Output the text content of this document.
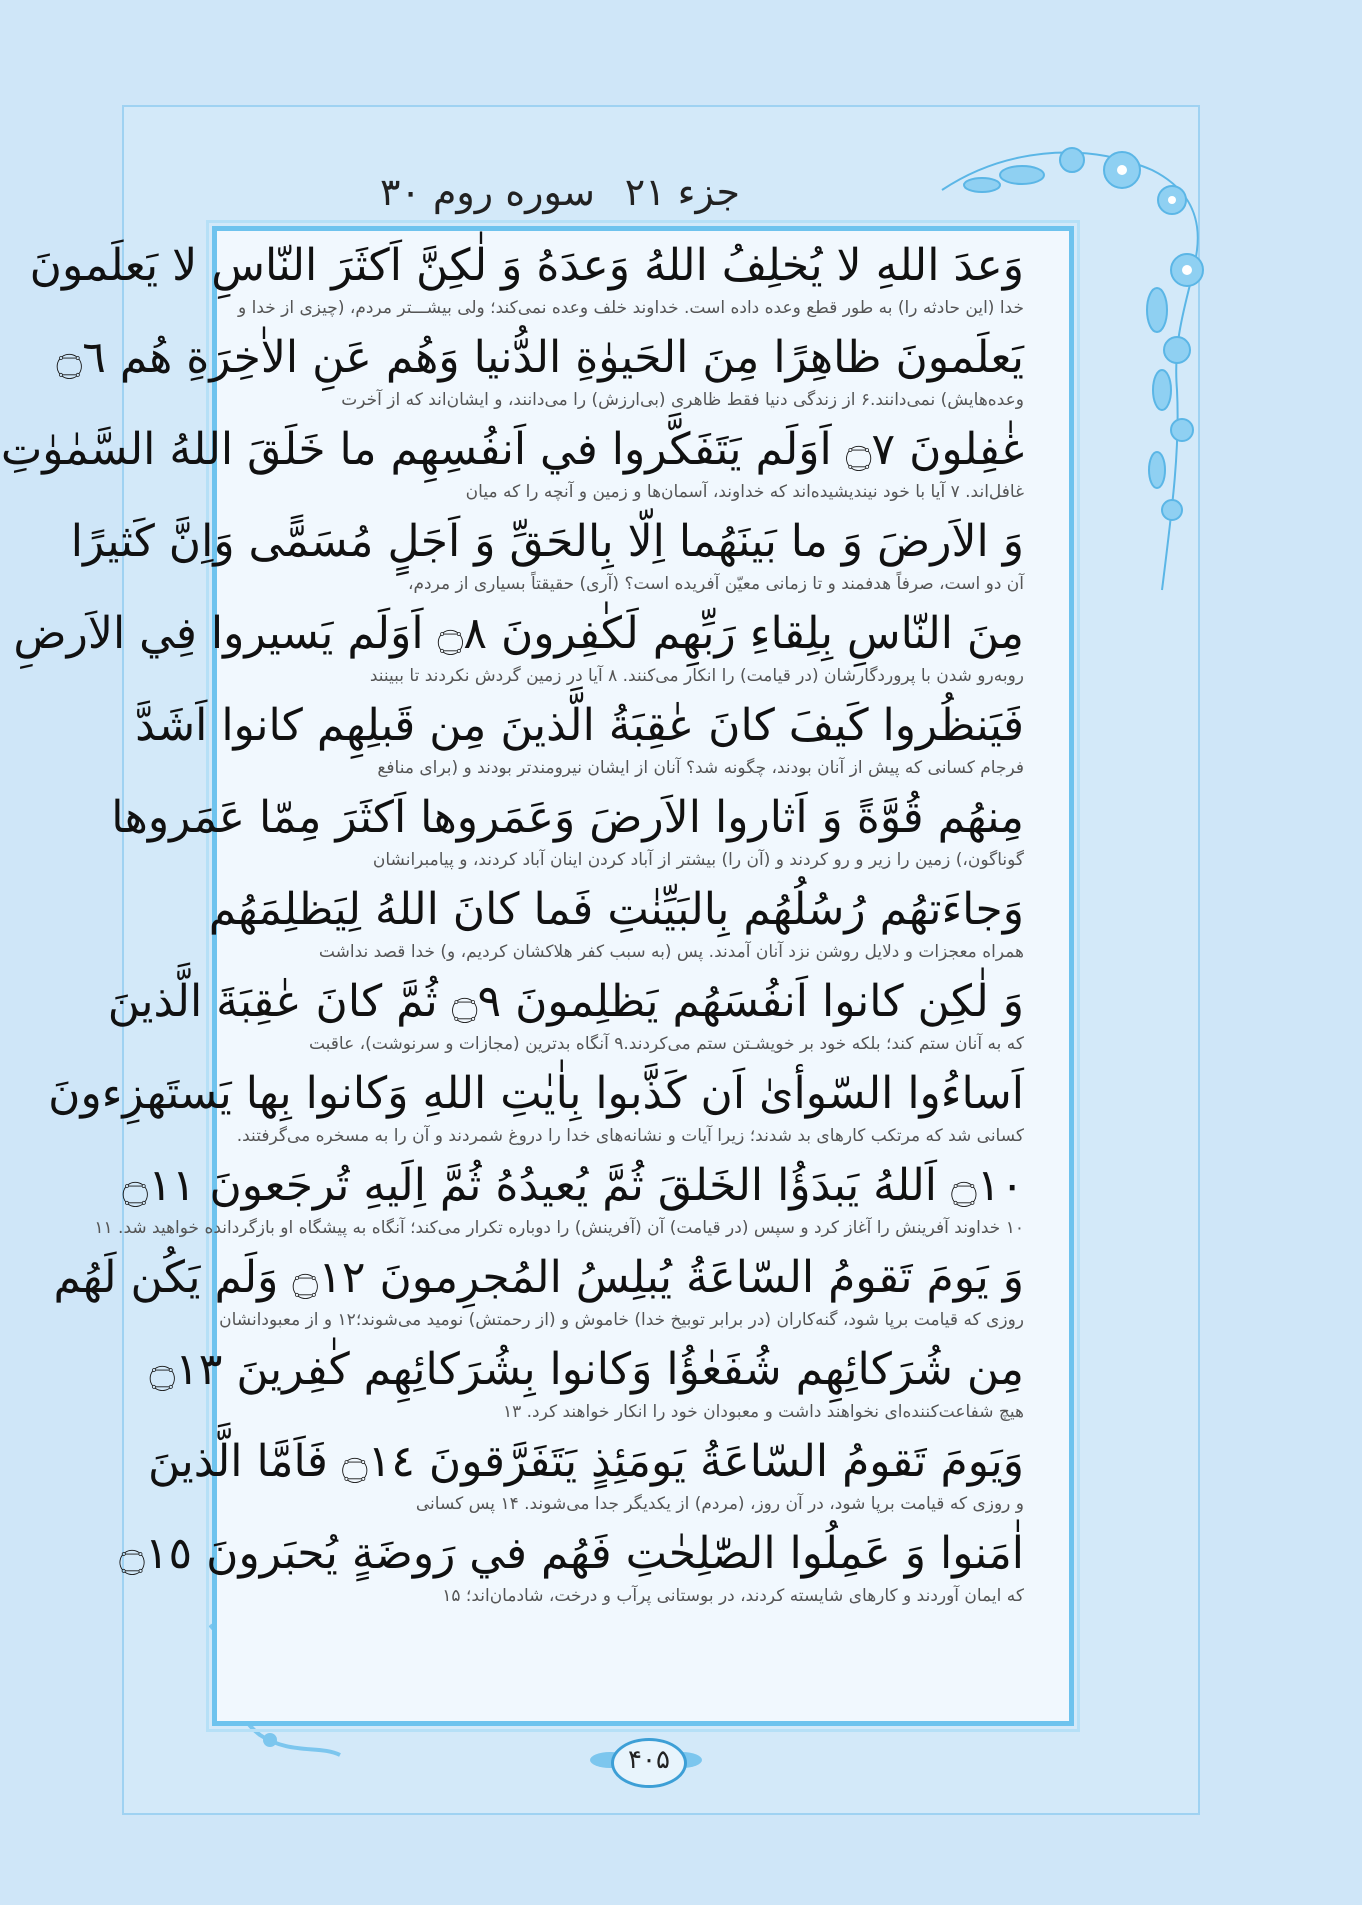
جزء ۲۱
سوره روم ۳۰
وَعدَ اللهِ لا يُخلِفُ اللهُ وَعدَهُ وَ لٰكِنَّ اَكثَرَ النّاسِ لا يَعلَمونَ
خدا (این حادثه را) به طور قطع وعده داده است. خداوند خلف وعده نمی‌کند؛ ولی بیشـــتر مردم، (چیزی از خدا و
يَعلَمونَ ظاهِرًا مِنَ الحَيوٰةِ الدُّنيا وَهُم عَنِ الاٰخِرَةِ هُم ۝٦
وعده‌هایش) نمی‌دانند.۶ از زندگی دنیا فقط ظاهری (بی‌ارزش) را می‌دانند، و ایشان‌اند که از آخرت
غٰفِلونَ ۝٧ اَوَلَم يَتَفَكَّروا في اَنفُسِهِم ما خَلَقَ اللهُ السَّمٰوٰتِ
غافل‌اند. ۷ آیا با خود نیندیشیده‌اند که خداوند، آسمان‌ها و زمین و آنچه را که میان
وَ الاَرضَ وَ ما بَينَهُما اِلّا بِالحَقِّ وَ اَجَلٍ مُسَمًّى وَاِنَّ كَثيرًا
آن دو است، صرفاً هدفمند و تا زمانی معیّن آفریده است؟ (آری) حقیقتاً بسیاری از مردم،
مِنَ النّاسِ بِلِقاءِ رَبِّهِم لَكٰفِرونَ ۝٨ اَوَلَم يَسيروا فِي الاَرضِ
روبه‌رو شدن با پروردگارشان (در قیامت) را انکار می‌کنند. ۸ آیا در زمین گردش نکردند تا ببینند
فَيَنظُروا كَيفَ كانَ عٰقِبَةُ الَّذينَ مِن قَبلِهِم كانوا اَشَدَّ
فرجام کسانی که پیش از آنان بودند، چگونه شد؟ آنان از ایشان نیرومندتر بودند و (برای منافع
مِنهُم قُوَّةً وَ اَثاروا الاَرضَ وَعَمَروها اَكثَرَ مِمّا عَمَروها
گوناگون،) زمین را زیر و رو کردند و (آن را) بیشتر از آباد کردن اینان آباد کردند، و پیامبرانشان
وَجاءَتهُم رُسُلُهُم بِالبَيِّنٰتِ فَما كانَ اللهُ لِيَظلِمَهُم
همراه معجزات و دلایل روشن نزد آنان آمدند. پس (به سبب کفر هلاکشان کردیم، و) خدا قصد نداشت
وَ لٰكِن كانوا اَنفُسَهُم يَظلِمونَ ۝٩ ثُمَّ كانَ عٰقِبَةَ الَّذينَ
که به آنان ستم کند؛ بلکه خود بر خویشـتن ستم می‌کردند.۹ آنگاه بدترین (مجازات و سرنوشت)، عاقبت
اَساءُوا السّوأىٰ اَن كَذَّبوا بِاٰيٰتِ اللهِ وَكانوا بِها يَستَهزِءونَ
کسانی شد که مرتکب کارهای بد شدند؛ زیرا آیات و نشانه‌های خدا را دروغ شمردند و آن را به مسخره می‌گرفتند.
۝١٠ اَللهُ يَبدَؤُا الخَلقَ ثُمَّ يُعيدُهُ ثُمَّ اِلَيهِ تُرجَعونَ ۝١١
۱۰ خداوند آفرینش را آغاز کرد و سپس (در قیامت) آن (آفرینش) را دوباره تکرار می‌کند؛ آنگاه به پیشگاه او بازگردانده خواهید شد. ۱۱
وَ يَومَ تَقومُ السّاعَةُ يُبلِسُ المُجرِمونَ ۝١٢ وَلَم يَكُن لَهُم
روزی که قیامت برپا شود، گنه‌کاران (در برابر توبیخ خدا) خاموش و (از رحمتش) نومید می‌شوند؛۱۲ و از معبودانشان
مِن شُرَكائِهِم شُفَعٰؤُا وَكانوا بِشُرَكائِهِم كٰفِرينَ ۝١٣
هیچ شفاعت‌کننده‌ای نخواهند داشت و معبودان خود را انکار خواهند کرد. ۱۳
وَيَومَ تَقومُ السّاعَةُ يَومَئِذٍ يَتَفَرَّقونَ ۝١٤ فَاَمَّا الَّذينَ
و روزی که قیامت برپا شود، در آن روز، (مردم) از یکدیگر جدا می‌شوند. ۱۴ پس کسانی
اٰمَنوا وَ عَمِلُوا الصّٰلِحٰتِ فَهُم في رَوضَةٍ يُحبَرونَ ۝١٥
که ایمان آوردند و کارهای شایسته کردند، در بوستانی پرآب و درخت، شادمان‌اند؛ ۱۵
۴۰۵
